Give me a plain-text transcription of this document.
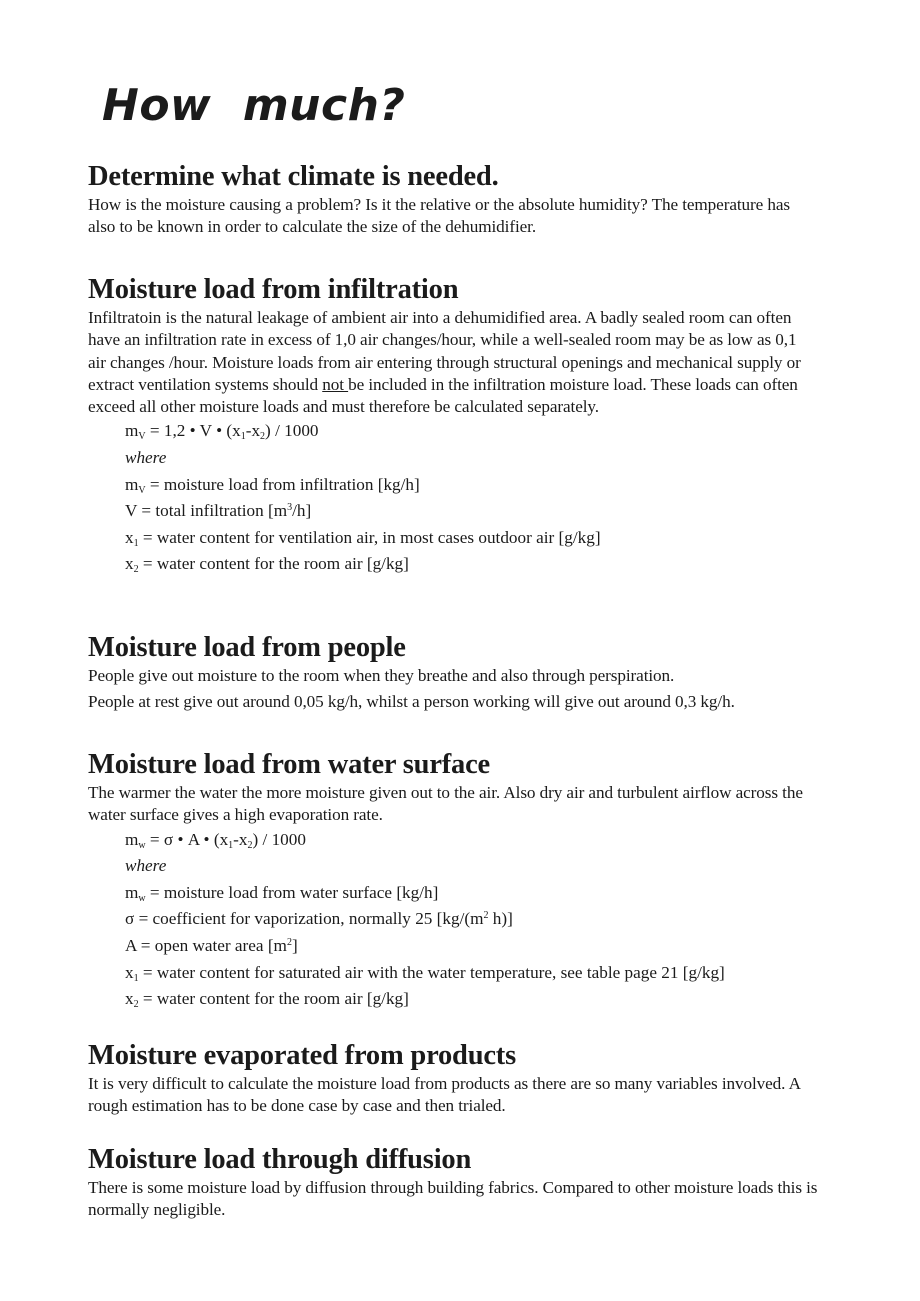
How  much?
Determine what climate is needed.

How is the moisture causing a problem? Is it the relative or the absolute humidity? The temperature has also to be known in order to calculate the size of the dehumidifier.

Moisture load from infiltration

Infiltratoin is the natural leakage of ambient air into a dehumidified area. A badly sealed room can often have an infiltration rate in excess of 1,0 air changes/hour, while a well-sealed room may be as low as 0,1 air changes /hour. Moisture loads from air entering through structural openings and mechanical supply or extract ventilation systems should not be included in the infiltration moisture load. These loads can often exceed all other moisture loads and must therefore be calculated separately.

$m_V = 1,2$ • V • $(x_1-x_2) / 1000$
where
$m_V$ = moisture load from infiltration [kg/h]
V = total infiltration $[m^3/h]$
$x_1$ = water content for ventilation air, in most cases outdoor air [g/kg]
$x_2$ = water content for the room air [g/kg]
Moisture load from people

People give out moisture to the room when they breathe and also through perspiration.

People at rest give out around 0,05 kg/h, whilst a person working will give out around 0,3 kg/h.

Moisture load from water surface

The warmer the water the more moisture given out to the air. Also dry air and turbulent airflow across the water surface gives a high evaporation rate.

$m_w = \sigma$ • A • $(x_1-x_2) / 1000$
where
$m_w$ = moisture load from water surface [kg/h]
σ = coefficient for vaporization, normally 25 [$kg/(m^2$ h)]
A = open water area $[m^2]$
$x_1$ = water content for saturated air with the water temperature, see table page 21 [g/kg]
$x_2$ = water content for the room air [g/kg]
Moisture evaporated from products

It is very difficult to calculate the moisture load from products as there are so many variables involved. A rough estimation has to be done case by case and then trialed.

Moisture load through diffusion

There is some moisture load by diffusion through building fabrics. Compared to other moisture loads this is normally negligible.
